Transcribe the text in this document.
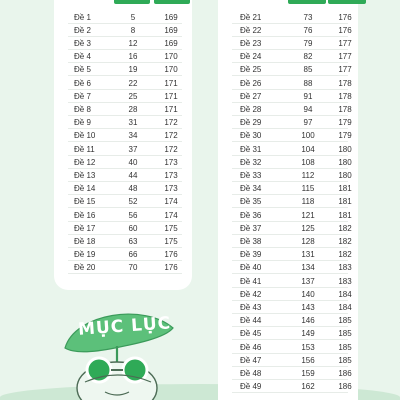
Đề 1	5	169
Đề 2	8	169
Đề 3	12	169
Đề 4	16	170
Đề 5	19	170
Đề 6	22	171
Đề 7	25	171
Đề 8	28	171
Đề 9	31	172
Đề 10	34	172
Đề 11	37	172
Đề 12	40	173
Đề 13	44	173
Đề 14	48	173
Đề 15	52	174
Đề 16	56	174
Đề 17	60	175
Đề 18	63	175
Đề 19	66	176
Đề 20	70	176
Đề 21	73	176
Đề 22	76	176
Đề 23	79	177
Đề 24	82	177
Đề 25	85	177
Đề 26	88	178
Đề 27	91	178
Đề 28	94	178
Đề 29	97	179
Đề 30	100	179
Đề 31	104	180
Đề 32	108	180
Đề 33	112	180
Đề 34	115	181
Đề 35	118	181
Đề 36	121	181
Đề 37	125	182
Đề 38	128	182
Đề 39	131	182
Đề 40	134	183
Đề 41	137	183
Đề 42	140	184
Đề 43	143	184
Đề 44	146	185
Đề 45	149	185
Đề 46	153	185
Đề 47	156	185
Đề 48	159	186
Đề 49	162	186
MỤC LỤC
